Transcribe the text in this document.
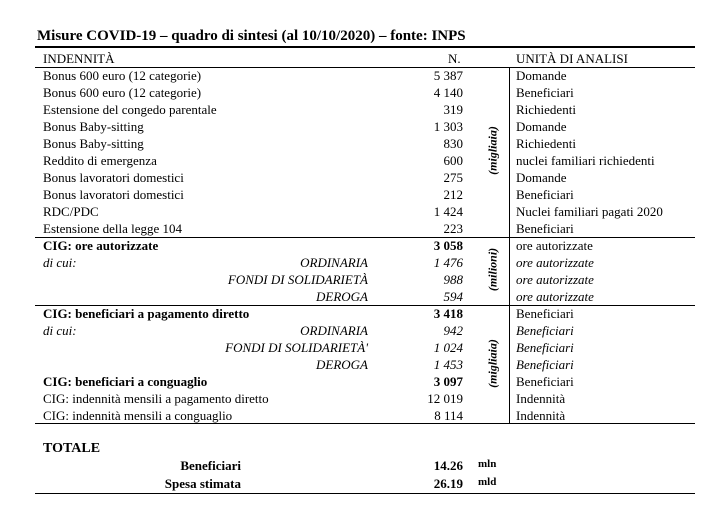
Misure COVID-19 – quadro di sintesi (al 10/10/2020) – fonte: INPS
INDENNITÀ	N.	UNITÀ DI ANALISI
(migliaia)
(milioni)
(migliaia)
Bonus 600 euro (12 categorie)	5 387	Domande
Bonus 600 euro (12 categorie)	4 140	Beneficiari
Estensione del congedo parentale	319	Richiedenti
Bonus Baby-sitting	1 303	Domande
Bonus Baby-sitting	830	Richiedenti
Reddito di emergenza	600	nuclei familiari richiedenti
Bonus lavoratori domestici	275	Domande
Bonus lavoratori domestici	212	Beneficiari
RDC/PDC	1 424	Nuclei familiari pagati 2020
Estensione della legge 104	223	Beneficiari
CIG: ore autorizzate	3 058	ore autorizzate
di cui:	ORDINARIA	1 476	ore autorizzate
FONDI DI SOLIDARIETÀ	988	ore autorizzate
DEROGA	594	ore autorizzate
CIG: beneficiari a pagamento diretto	3 418	Beneficiari
di cui:	ORDINARIA	942	Beneficiari
FONDI DI SOLIDARIETÀ'	1 024	Beneficiari
DEROGA	1 453	Beneficiari
CIG: beneficiari a conguaglio	3 097	Beneficiari
CIG: indennità mensili a pagamento diretto	12 019	Indennità
CIG: indennità mensili a conguaglio	8 114	Indennità
TOTALE
Beneficiari	14.26 mln
Spesa stimata	26.19 mld
